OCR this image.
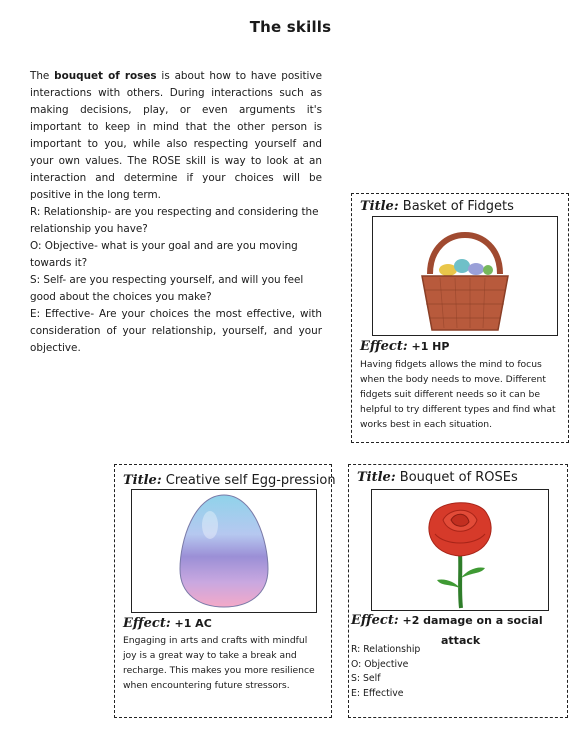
The skills

The bouquet of roses is about how to have positive interactions with others. During interactions such as making decisions, play, or even arguments it's important to keep in mind that the other person is important to you, while also respecting yourself and your own values. The ROSE skill is way to look at an interaction and determine if your choices will be positive in the long term.

R: Relationship- are you respecting and considering the relationship you have?

O: Objective- what is your goal and are you moving towards it?

S: Self- are you respecting yourself, and will you feel good about the choices you make?

E: Effective- Are your choices the most effective, with consideration of your relationship, yourself, and your objective.

Title: Basket of Fidgets
Effect: +1 HP
Having fidgets allows the mind to focus when the body needs to move. Different fidgets suit different needs so it can be helpful to try different types and find what works best in each situation.
Title: Creative self Egg-pression
Effect: +1 AC
Engaging in arts and crafts with mindful joy is a great way to take a break and recharge. This makes you more resilience when encountering future stressors.
Title: Bouquet of ROSEs
Effect: +2 damage on a social
attack
R: Relationship
O: Objective
S: Self
E: Effective
